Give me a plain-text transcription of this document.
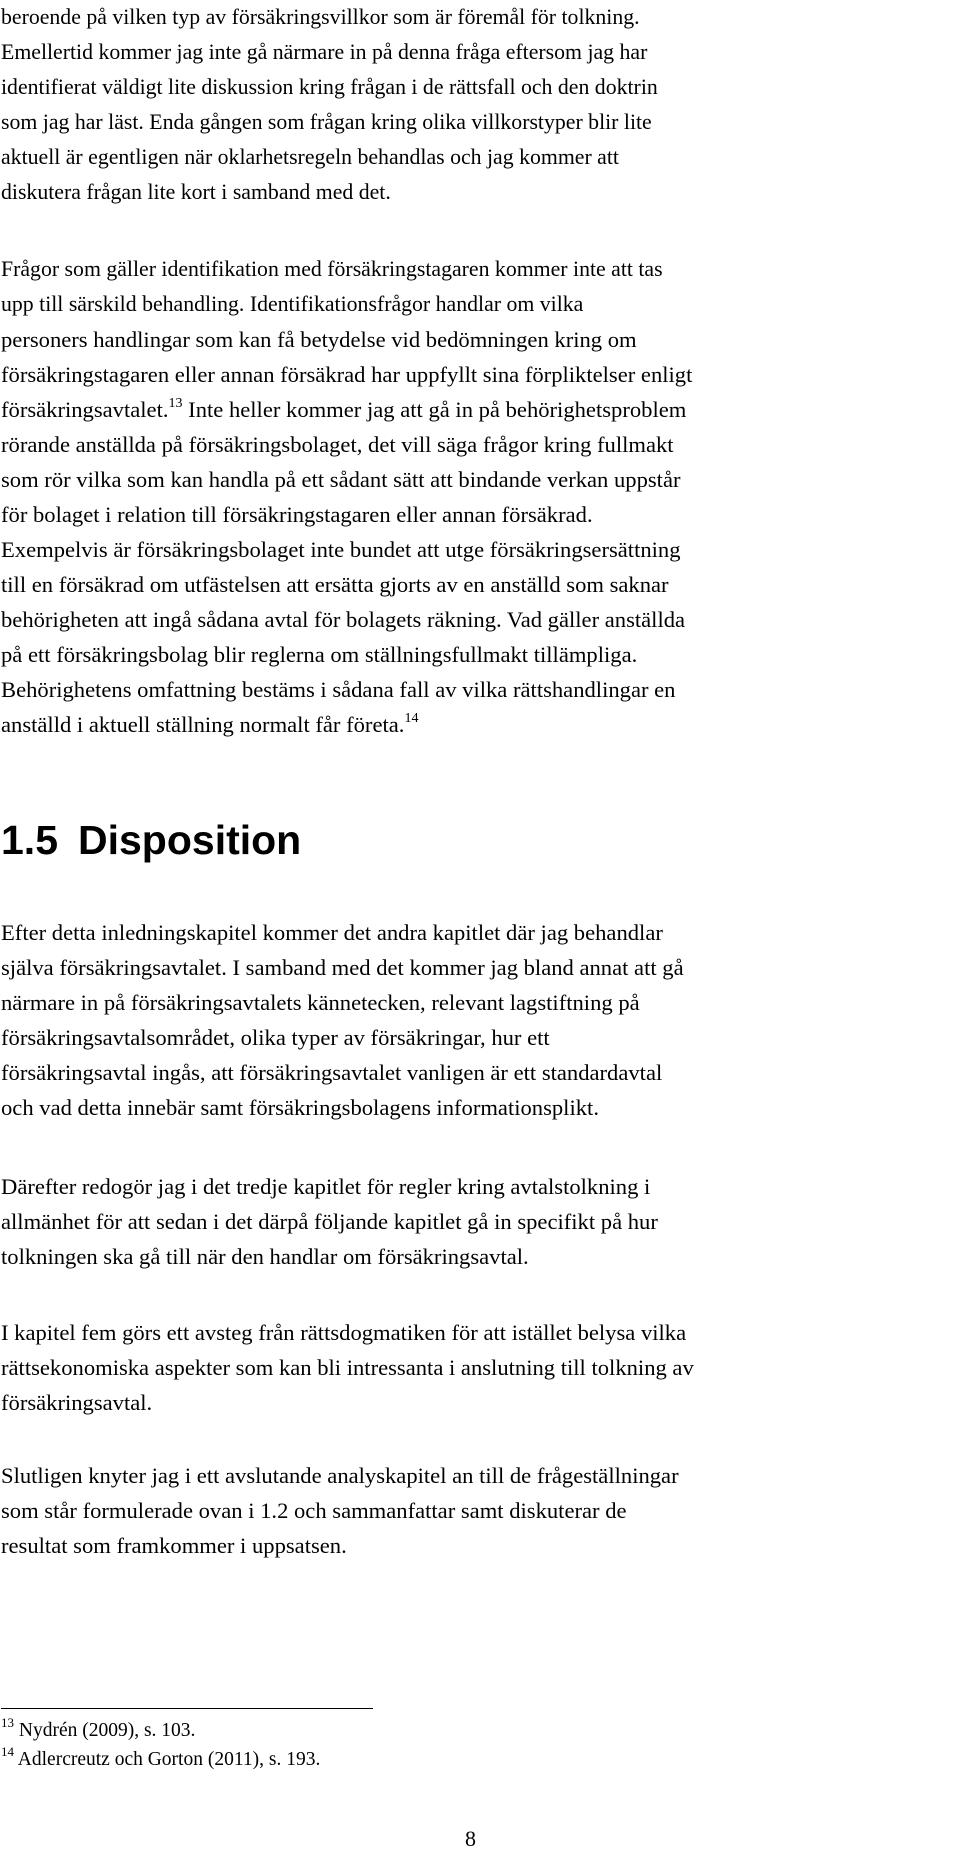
beroende på vilken typ av försäkringsvillkor som är föremål för tolkning.
Emellertid kommer jag inte gå närmare in på denna fråga eftersom jag har
identifierat väldigt lite diskussion kring frågan i de rättsfall och den doktrin
som jag har läst. Enda gången som frågan kring olika villkorstyper blir lite
aktuell är egentligen när oklarhetsregeln behandlas och jag kommer att
diskutera frågan lite kort i samband med det.

Frågor som gäller identifikation med försäkringstagaren kommer inte att tas
upp till särskild behandling. Identifikationsfrågor handlar om vilka
personers handlingar som kan få betydelse vid bedömningen kring om
försäkringstagaren eller annan försäkrad har uppfyllt sina förpliktelser enligt
försäkringsavtalet.$^{13}$ Inte heller kommer jag att gå in på behörighetsproblem
rörande anställda på försäkringsbolaget, det vill säga frågor kring fullmakt
som rör vilka som kan handla på ett sådant sätt att bindande verkan uppstår
för bolaget i relation till försäkringstagaren eller annan försäkrad.
Exempelvis är försäkringsbolaget inte bundet att utge försäkringsersättning
till en försäkrad om utfästelsen att ersätta gjorts av en anställd som saknar
behörigheten att ingå sådana avtal för bolagets räkning. Vad gäller anställda
på ett försäkringsbolag blir reglerna om ställningsfullmakt tillämpliga.
Behörighetens omfattning bestäms i sådana fall av vilka rättshandlingar en
anställd i aktuell ställning normalt får företa.$^{14}$

1.5 Disposition

Efter detta inledningskapitel kommer det andra kapitlet där jag behandlar
själva försäkringsavtalet. I samband med det kommer jag bland annat att gå
närmare in på försäkringsavtalets kännetecken, relevant lagstiftning på
försäkringsavtalsområdet, olika typer av försäkringar, hur ett
försäkringsavtal ingås, att försäkringsavtalet vanligen är ett standardavtal
och vad detta innebär samt försäkringsbolagens informationsplikt.

Därefter redogör jag i det tredje kapitlet för regler kring avtalstolkning i
allmänhet för att sedan i det därpå följande kapitlet gå in specifikt på hur
tolkningen ska gå till när den handlar om försäkringsavtal.

I kapitel fem görs ett avsteg från rättsdogmatiken för att istället belysa vilka
rättsekonomiska aspekter som kan bli intressanta i anslutning till tolkning av
försäkringsavtal.

Slutligen knyter jag i ett avslutande analyskapitel an till de frågeställningar
som står formulerade ovan i 1.2 och sammanfattar samt diskuterar de
resultat som framkommer i uppsatsen.

$^{13}$ Nydrén (2009), s. 103.

$^{14}$ Adlercreutz och Gorton (2011), s. 193.

8
